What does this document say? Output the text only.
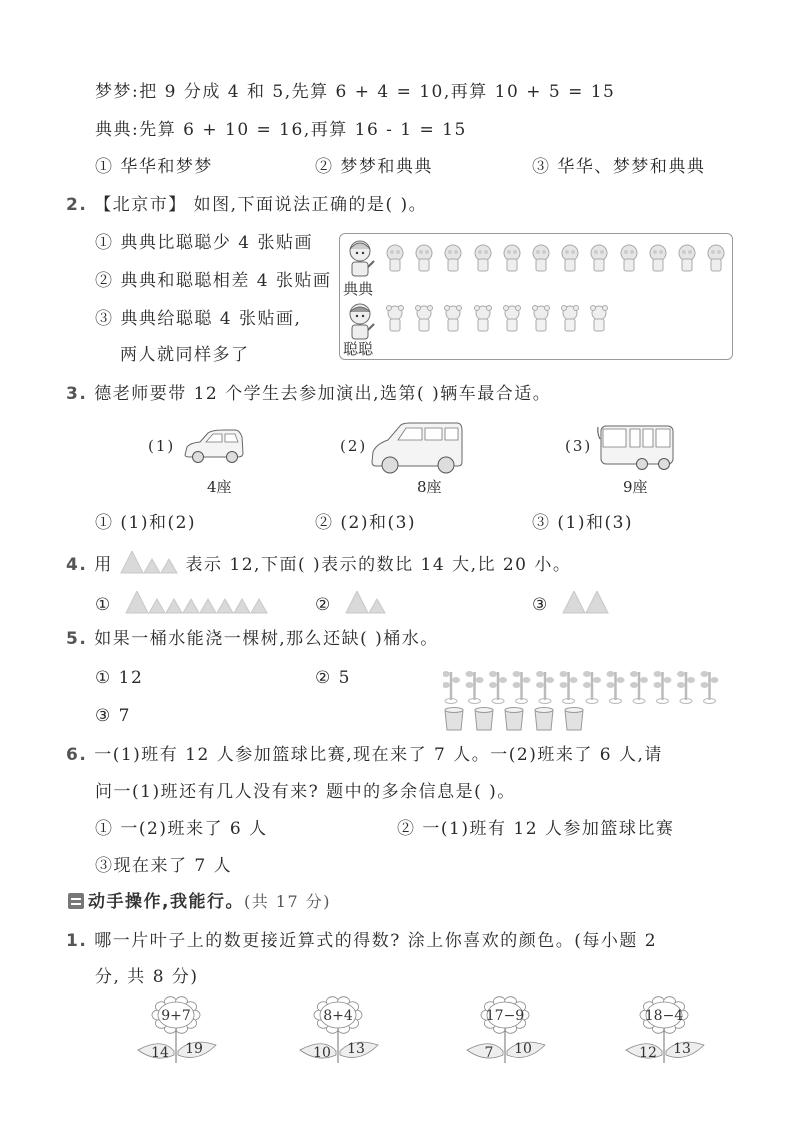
梦梦:把 9 分成 4 和 5,先算 6 + 4 = 10,再算 10 + 5 = 15
典典:先算 6 + 10 = 16,再算 16 - 1 = 15
① 华华和梦梦	② 梦梦和典典	③ 华华、梦梦和典典
2. 【北京市】 如图,下面说法正确的是( )。
① 典典比聪聪少 4 张贴画
② 典典和聪聪相差 4 张贴画
③ 典典给聪聪 4 张贴画,
两人就同样多了
典典
聪聪
3. 德老师要带 12 个学生去参加演出,选第( )辆车最合适。
(1)
4座
(2)
8座
(3)
9座
① (1)和(2)	② (2)和(3)	③ (1)和(3)
4. 用	表示 12,下面( )表示的数比 14 大,比 20 小。
①	②	③
5. 如果一桶水能浇一棵树,那么还缺( )桶水。
① 12	② 5
③ 7
6. 一(1)班有 12 人参加篮球比赛,现在来了 7 人。一(2)班来了 6 人,请
问一(1)班还有几人没有来? 题中的多余信息是( )。
① 一(2)班来了 6 人	② 一(1)班有 12 人参加篮球比赛
③现在来了 7 人
动手操作,我能行。(共 17 分)
1. 哪一片叶子上的数更接近算式的得数? 涂上你喜欢的颜色。(每小题 2
分, 共 8 分)
9+7
14 19
8+4
10 13
17−9
7 10
18−4
12 13
